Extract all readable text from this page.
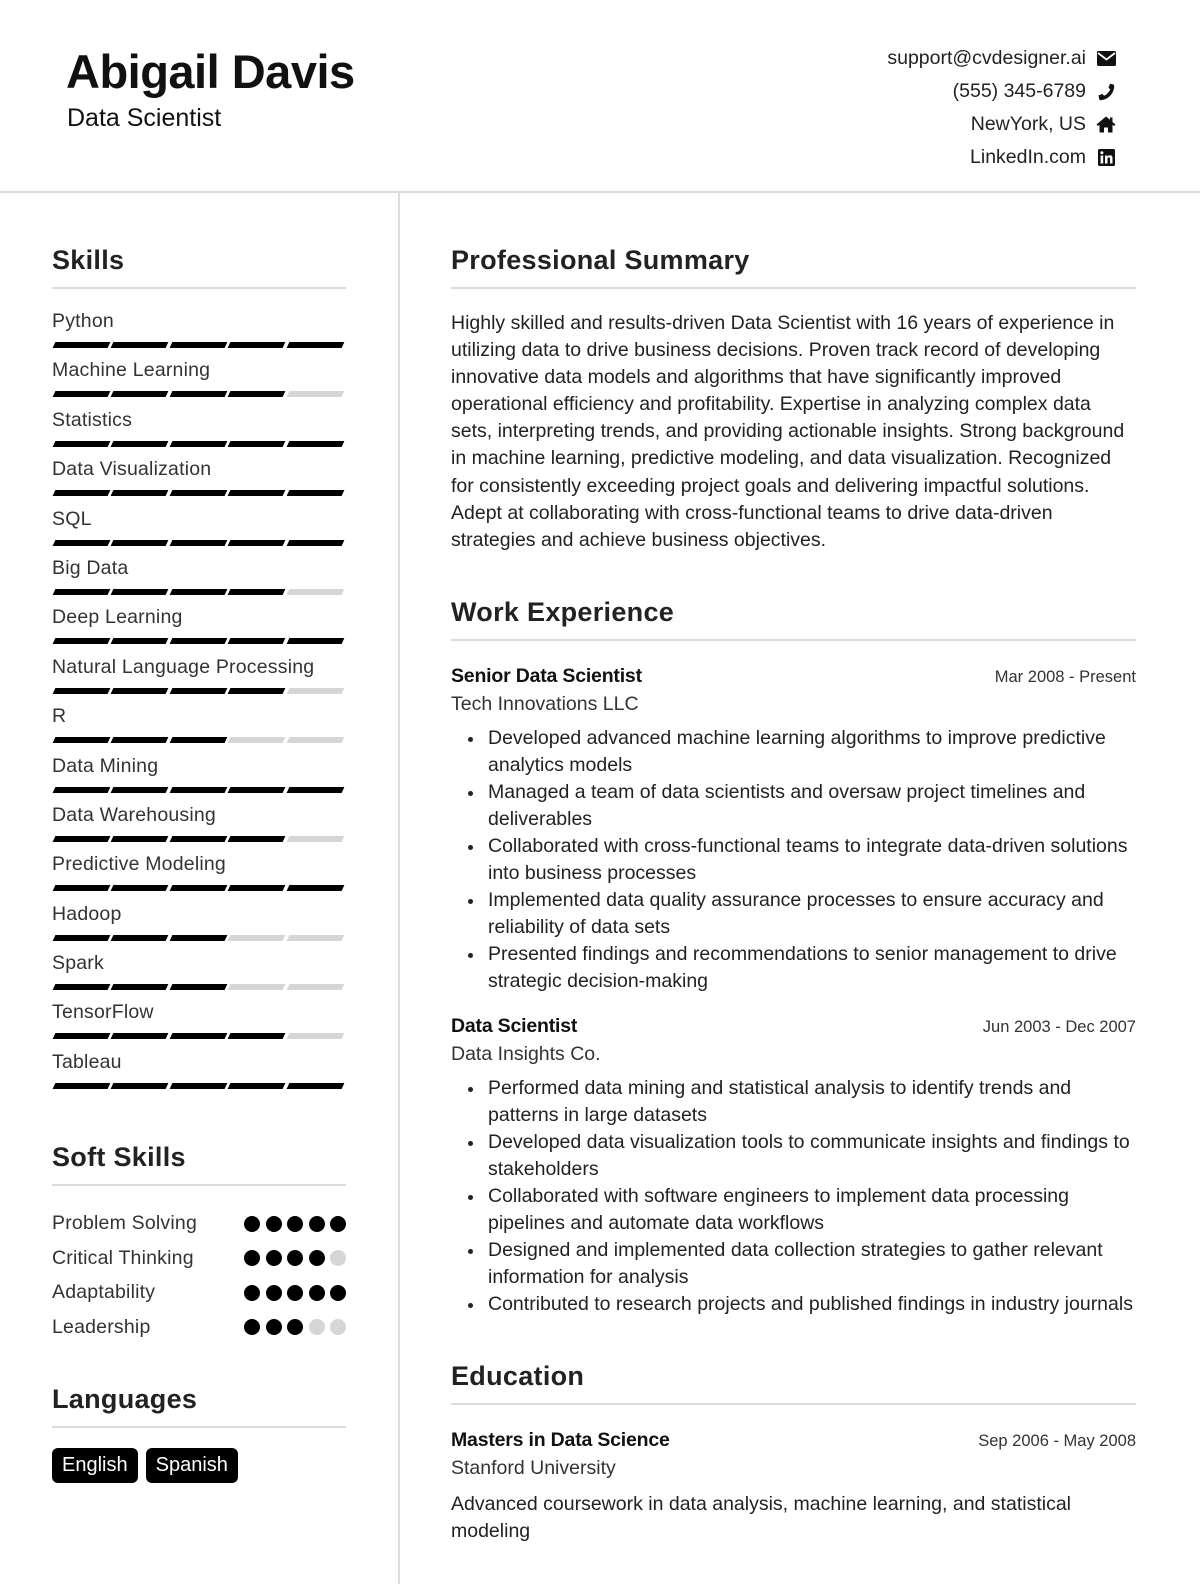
Abigail Davis
Data Scientist
support@cvdesigner.ai
(555) 345-6789
NewYork, US
LinkedIn.com
Skills
Python
Machine Learning
Statistics
Data Visualization
SQL
Big Data
Deep Learning
Natural Language Processing
R
Data Mining
Data Warehousing
Predictive Modeling
Hadoop
Spark
TensorFlow
Tableau
Soft Skills
Problem Solving
Critical Thinking
Adaptability
Leadership
Languages
English	Spanish
Professional Summary

Highly skilled and results-driven Data Scientist with 16 years of experience in utilizing data to drive business decisions. Proven track record of developing innovative data models and algorithms that have significantly improved operational efficiency and profitability. Expertise in analyzing complex data sets, interpreting trends, and providing actionable insights. Strong background in machine learning, predictive modeling, and data visualization. Recognized for consistently exceeding project goals and delivering impactful solutions. Adept at collaborating with cross-functional teams to drive data-driven strategies and achieve business objectives.

Work Experience
Senior Data Scientist	Mar 2008 - Present
Tech Innovations LLC
Developed advanced machine learning algorithms to improve predictive analytics models
Managed a team of data scientists and oversaw project timelines and deliverables
Collaborated with cross-functional teams to integrate data-driven solutions into business processes
Implemented data quality assurance processes to ensure accuracy and reliability of data sets
Presented findings and recommendations to senior management to drive strategic decision-making
Data Scientist	Jun 2003 - Dec 2007
Data Insights Co.
Performed data mining and statistical analysis to identify trends and patterns in large datasets
Developed data visualization tools to communicate insights and findings to stakeholders
Collaborated with software engineers to implement data processing pipelines and automate data workflows
Designed and implemented data collection strategies to gather relevant information for analysis
Contributed to research projects and published findings in industry journals
Education
Masters in Data Science	Sep 2006 - May 2008
Stanford University
Advanced coursework in data analysis, machine learning, and statistical modeling
